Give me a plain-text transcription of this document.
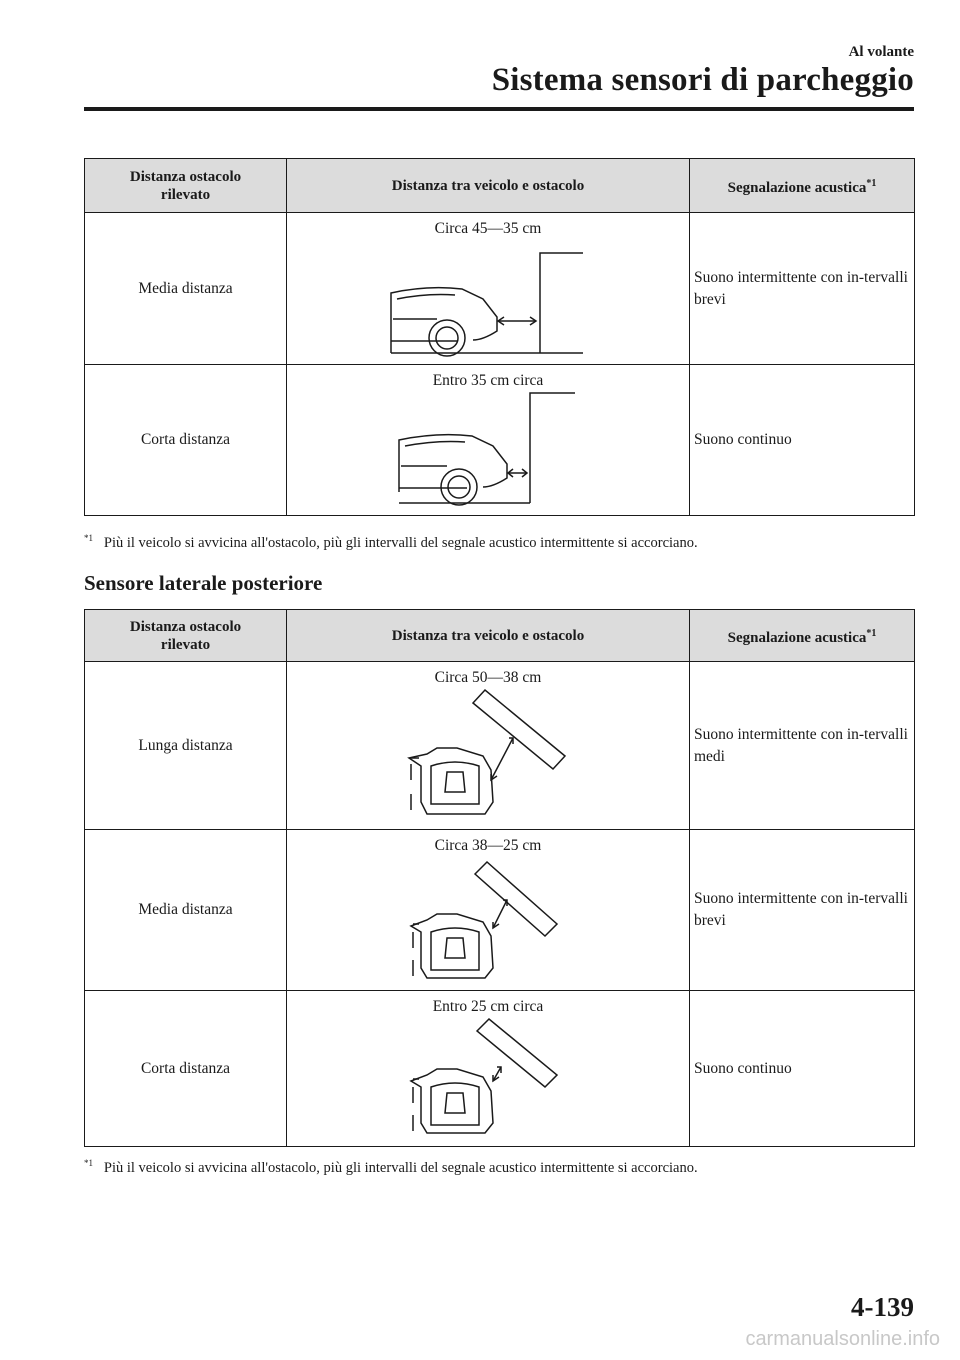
Al volante
Sistema sensori di parcheggio
Distanza ostacolo rilevato	Distanza tra veicolo e ostacolo	Segnalazione acustica$^{*1}$
Media distanza	Circa 45―35 cm	Suono intermittente con in-tervalli brevi
Corta distanza	Entro 35 cm circa	Suono continuo
$^{*1}$ Più il veicolo si avvicina all'ostacolo, più gli intervalli del segnale acustico intermittente si accorciano.
Sensore laterale posteriore
Distanza ostacolo rilevato	Distanza tra veicolo e ostacolo	Segnalazione acustica$^{*1}$
Lunga distanza	Circa 50―38 cm	Suono intermittente con in-tervalli medi
Media distanza	Circa 38―25 cm	Suono intermittente con in-tervalli brevi
Corta distanza	Entro 25 cm circa	Suono continuo
$^{*1}$ Più il veicolo si avvicina all'ostacolo, più gli intervalli del segnale acustico intermittente si accorciano.
4-139
carmanualsonline.info
